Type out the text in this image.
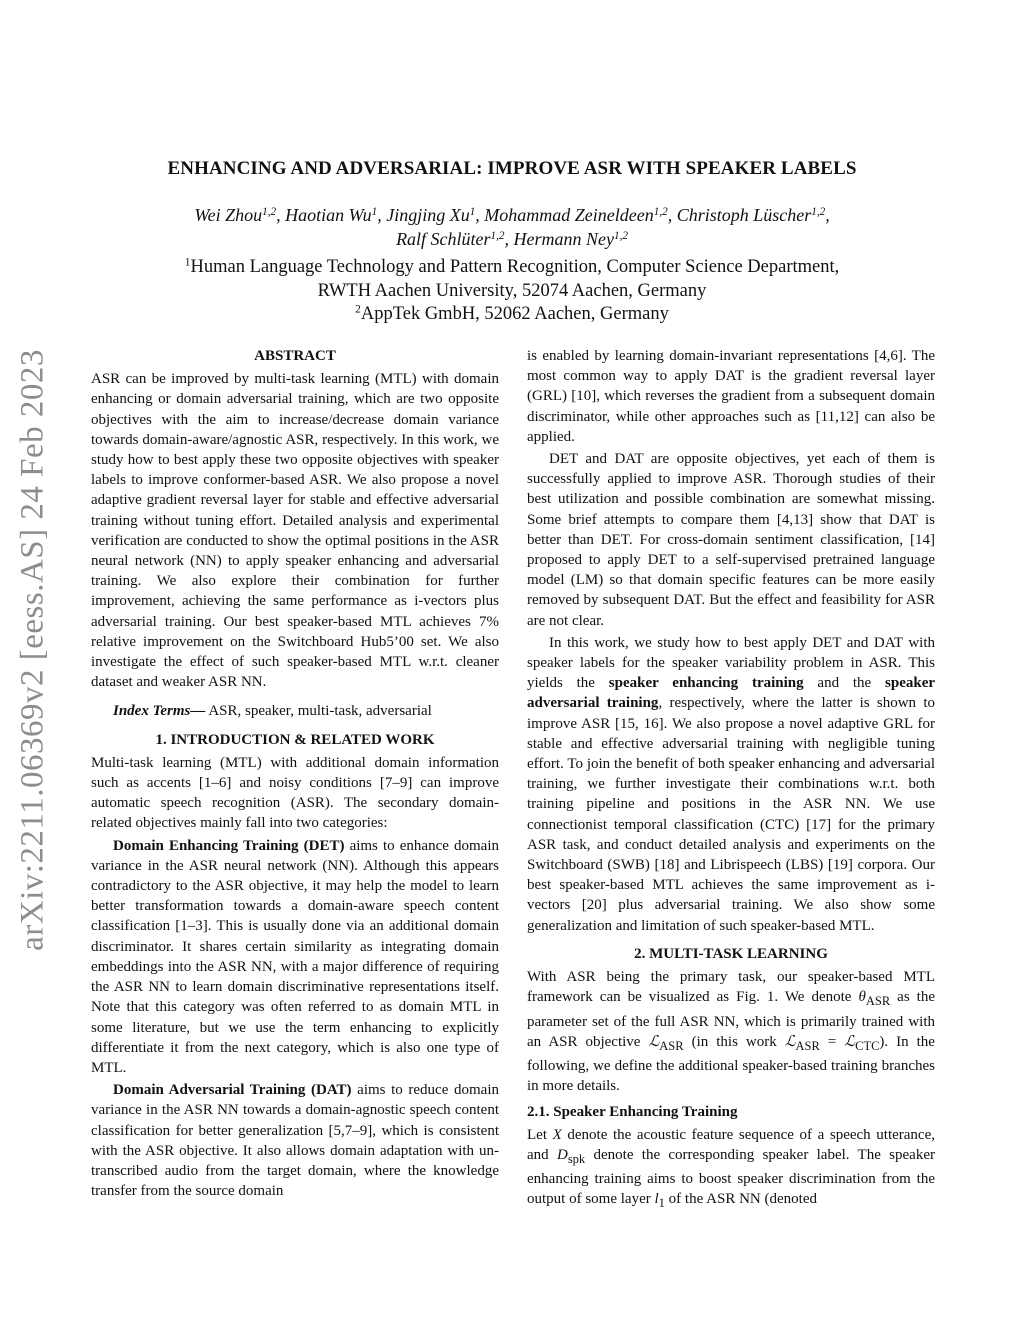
arXiv:2211.06369v2 [eess.AS] 24 Feb 2023
ENHANCING AND ADVERSARIAL: IMPROVE ASR WITH SPEAKER LABELS
Wei Zhou$^{1,2}$, Haotian Wu$^1$, Jingjing Xu$^1$, Mohammad Zeineldeen$^{1,2}$, Christoph Lüscher$^{1,2}$,
Ralf Schlüter$^{1,2}$, Hermann Ney$^{1,2}$
$^1$Human Language Technology and Pattern Recognition, Computer Science Department,
RWTH Aachen University, 52074 Aachen, Germany
$^2$AppTek GmbH, 52062 Aachen, Germany
ABSTRACT

ASR can be improved by multi-task learning (MTL) with domain enhancing or domain adversarial training, which are two opposite objectives with the aim to increase/decrease domain variance towards domain-aware/agnostic ASR, respectively. In this work, we study how to best apply these two opposite objectives with speaker labels to improve conformer-based ASR. We also propose a novel adaptive gradient reversal layer for stable and effective adversarial training without tuning effort. Detailed analysis and experimental verification are conducted to show the optimal positions in the ASR neural network (NN) to apply speaker enhancing and adversarial training. We also explore their combination for further improvement, achieving the same performance as i-vectors plus adversarial training. Our best speaker-based MTL achieves 7% relative improvement on the Switchboard Hub5’00 set. We also investigate the effect of such speaker-based MTL w.r.t. cleaner dataset and weaker ASR NN.

Index Terms— ASR, speaker, multi-task, adversarial

1. INTRODUCTION & RELATED WORK

Multi-task learning (MTL) with additional domain information such as accents [1–6] and noisy conditions [7–9] can improve automatic speech recognition (ASR). The secondary domain-related objectives mainly fall into two categories:

Domain Enhancing Training (DET) aims to enhance domain variance in the ASR neural network (NN). Although this appears contradictory to the ASR objective, it may help the model to learn better transformation towards a domain-aware speech content classification [1–3]. This is usually done via an additional domain discriminator. It shares certain similarity as integrating domain embeddings into the ASR NN, with a major difference of requiring the ASR NN to learn domain discriminative representations itself. Note that this category was often referred to as domain MTL in some literature, but we use the term enhancing to explicitly differentiate it from the next category, which is also one type of MTL.

Domain Adversarial Training (DAT) aims to reduce domain variance in the ASR NN towards a domain-agnostic speech content classification for better generalization [5,7–9], which is consistent with the ASR objective. It also allows domain adaptation with un-transcribed audio from the target domain, where the knowledge transfer from the source domain

is enabled by learning domain-invariant representations [4,6]. The most common way to apply DAT is the gradient reversal layer (GRL) [10], which reverses the gradient from a subsequent domain discriminator, while other approaches such as [11,12] can also be applied.

DET and DAT are opposite objectives, yet each of them is successfully applied to improve ASR. Thorough studies of their best utilization and possible combination are somewhat missing. Some brief attempts to compare them [4,13] show that DAT is better than DET. For cross-domain sentiment classification, [14] proposed to apply DET to a self-supervised pretrained language model (LM) so that domain specific features can be more easily removed by subsequent DAT. But the effect and feasibility for ASR are not clear.

In this work, we study how to best apply DET and DAT with speaker labels for the speaker variability problem in ASR. This yields the speaker enhancing training and the speaker adversarial training, respectively, where the latter is shown to improve ASR [15, 16]. We also propose a novel adaptive GRL for stable and effective adversarial training with negligible tuning effort. To join the benefit of both speaker enhancing and adversarial training, we further investigate their combinations w.r.t. both training pipeline and positions in the ASR NN. We use connectionist temporal classification (CTC) [17] for the primary ASR task, and conduct detailed analysis and experiments on the Switchboard (SWB) [18] and Librispeech (LBS) [19] corpora. Our best speaker-based MTL achieves the same improvement as i-vectors [20] plus adversarial training. We also show some generalization and limitation of such speaker-based MTL.

2. MULTI-TASK LEARNING

With ASR being the primary task, our speaker-based MTL framework can be visualized as Fig. 1. We denote $\theta_{ASR}$ as the parameter set of the full ASR NN, which is primarily trained with an ASR objective ℒ$_{ASR}$ (in this work ℒ$_{ASR}$ = ℒ$_{CTC}$). In the following, we define the additional speaker-based training branches in more details.

2.1. Speaker Enhancing Training

Let X denote the acoustic feature sequence of a speech utterance, and $D_{spk}$ denote the corresponding speaker label. The speaker enhancing training aims to boost speaker discrimination from the output of some layer $l_1$ of the ASR NN (denoted
